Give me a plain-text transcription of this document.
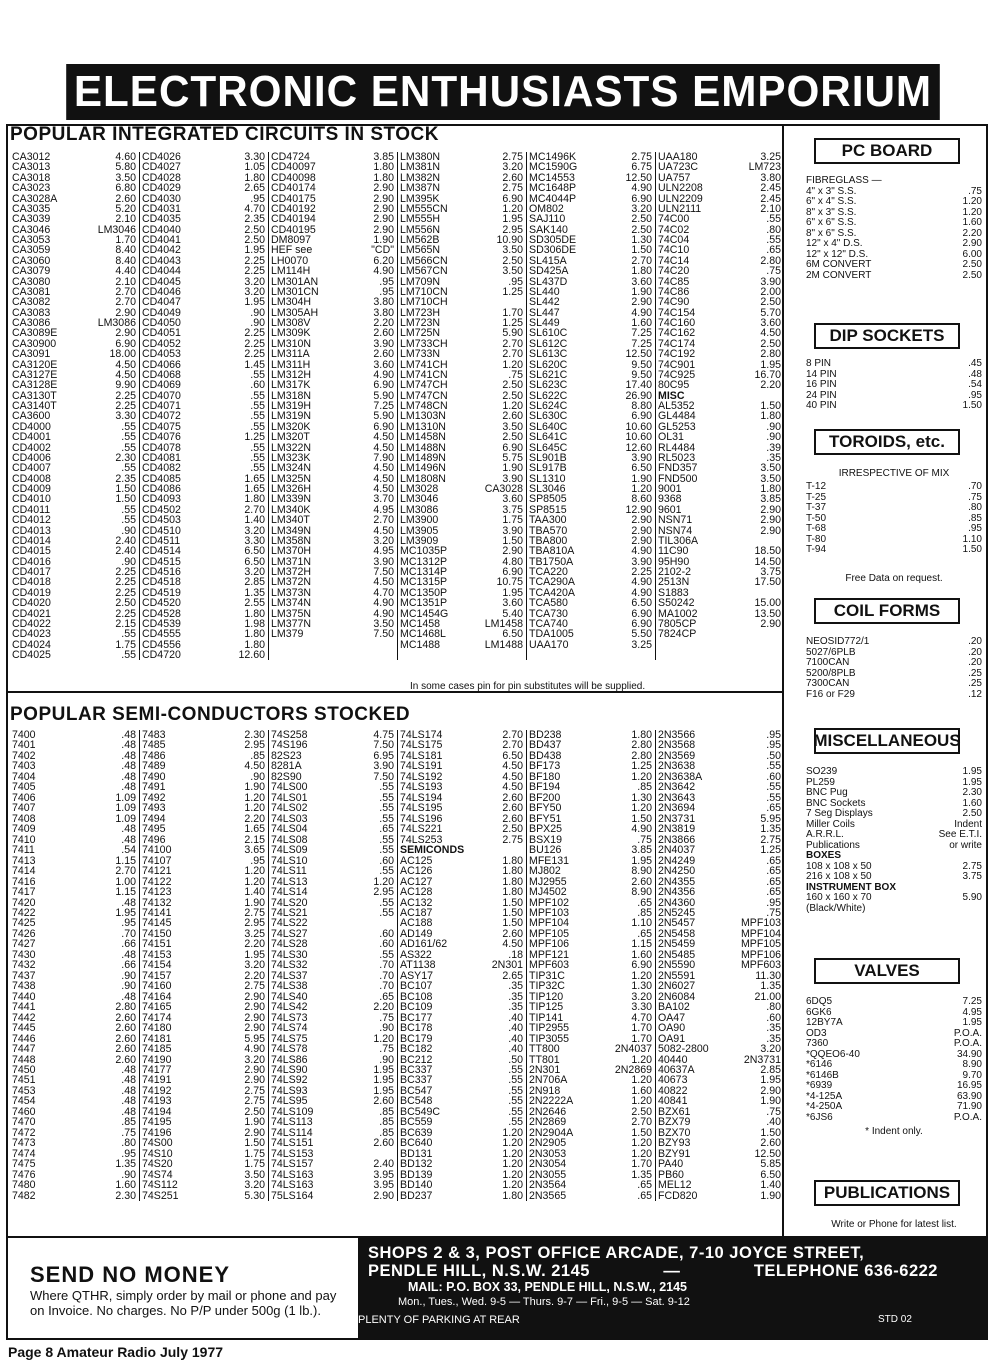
ELECTRONIC ENTHUSIASTS EMPORIUM
POPULAR INTEGRATED CIRCUITS IN STOCK
CA3012	4.60
CA3013	5.80
CA3018	3.50
CA3023	6.80
CA3028A	2.60
CA3035	5.20
CA3039	2.10
CA3046	LM3046
CA3053	1.70
CA3059	8.40
CA3060	8.40
CA3079	4.40
CA3080	2.10
CA3081	2.70
CA3082	2.70
CA3083	2.90
CA3086	LM3086
CA3089E	2.90
CA30900	6.90
CA3091	18.00
CA3120E	4.50
CA3127E	4.50
CA3128E	9.90
CA3130T	2.25
CA3140T	2.25
CA3600	3.30
CD4000	.55
CD4001	.55
CD4002	.55
CD4006	2.30
CD4007	.55
CD4008	2.35
CD4009	1.50
CD4010	1.50
CD4011	.55
CD4012	.55
CD4013	.90
CD4014	2.40
CD4015	2.40
CD4016	.90
CD4017	2.25
CD4018	2.25
CD4019	2.25
CD4020	2.50
CD4021	2.25
CD4022	2.15
CD4023	.55
CD4024	1.75
CD4025	.55
CD4026	3.30
CD4027	1.05
CD4028	1.80
CD4029	2.65
CD4030	.95
CD4031	4.70
CD4035	2.35
CD4040	2.50
CD4041	2.50
CD4042	1.95
CD4043	2.25
CD4044	2.25
CD4045	3.20
CD4046	3.20
CD4047	1.95
CD4049	.90
CD4050	.90
CD4051	2.25
CD4052	2.25
CD4053	2.25
CD4066	1.45
CD4068	.55
CD4069	.60
CD4070	.55
CD4071	.55
CD4072	.55
CD4075	.55
CD4076	1.25
CD4078	.55
CD4081	.55
CD4082	.55
CD4085	1.65
CD4086	1.65
CD4093	1.80
CD4502	2.70
CD4503	1.40
CD4510	3.20
CD4511	3.30
CD4514	6.50
CD4515	6.50
CD4516	3.20
CD4518	2.85
CD4519	1.35
CD4520	2.55
CD4528	1.80
CD4539	1.98
CD4555	1.80
CD4556	1.80
CD4720	12.60
CD4724	3.85
CD40097	1.80
CD40098	1.80
CD40174	2.90
CD40175	2.90
CD40192	2.90
CD40194	2.90
CD40195	2.90
DM8097	1.90
HEF see	"CD"
LH0070	6.20
LM114H	4.90
LM301AN	.95
LM301CN	.95
LM304H	3.80
LM305AH	3.80
LM308V	2.20
LM309K	2.60
LM310N	3.90
LM311A	2.60
LM311H	3.60
LM312H	4.90
LM317K	6.90
LM318N	5.90
LM319H	7.25
LM319N	5.90
LM320K	6.90
LM320T	4.50
LM322N	4.50
LM323K	7.90
LM324N	4.50
LM325N	4.50
LM326H	4.50
LM339N	3.70
LM340K	4.95
LM340T	2.70
LM349N	4.50
LM358N	3.20
LM370H	4.95
LM371N	3.90
LM372H	7.50
LM372N	4.50
LM373N	4.70
LM374N	4.90
LM375N	4.90
LM377N	3.50
LM379	7.50
LM380N	2.75
LM381N	3.20
LM382N	2.60
LM387N	2.75
LM395K	6.90
LM555CN	1.20
LM555H	1.95
LM556N	2.95
LM562B	10.90
LM565N	3.50
LM566CN	2.50
LM567CN	3.50
LM709N	.95
LM710CN	1.25
LM710CH
LM723H	1.70
LM723N	1.25
LM725N	5.90
LM733CH	2.70
LM733N	2.70
LM741CH	1.20
LM741CN	.75
LM747CH	2.50
LM747CN	2.50
LM748CN	1.20
LM1303N	2.60
LM1310N	3.50
LM1458N	2.50
LM1488N	6.90
LM1489N	5.75
LM1496N	1.90
LM1808N	3.90
LM3028	CA3028
LM3046	3.60
LM3086	3.75
LM3900	1.75
LM3905	3.90
LM3909	1.50
MC1035P	2.90
MC1312P	4.80
MC1314P	6.90
MC1315P	10.75
MC1350P	1.95
MC1351P	3.60
MC1454G	5.40
MC1458	LM1458
MC1468L	6.50
MC1488	LM1488
MC1496K	2.75
MC1590G	6.75
MC14553	12.50
MC1648P	4.90
MC4044P	6.90
OM802	3.20
SAJ110	2.50
SAK140	2.50
SD305DE	1.30
SD306DE	1.50
SL415A	2.70
SD425A	1.80
SL437D	3.60
SL440	1.90
SL442	2.90
SL447	4.90
SL449	1.60
SL610C	7.25
SL612C	7.25
SL613C	12.50
SL620C	9.50
SL621C	9.50
SL623C	17.40
SL622C	26.90
SL624C	8.80
SL630C	6.90
SL640C	10.60
SL641C	10.60
SL645C	12.60
SL901B	3.90
SL917B	6.50
SL1310	1.90
SL3046	1.20
SP8505	8.60
SP8515	12.90
TAA300	2.90
TBA570	2.90
TBA800	2.90
TBA810A	4.90
TB1750A	3.90
TCA220	2.25
TCA290A	4.90
TCA420A	4.90
TCA580	6.50
TCA730	6.90
TCA740	6.90
TDA1005	5.50
UAA170	3.25
UAA180	3.25
UA723C	LM723
UA757	3.80
ULN2208	2.45
ULN2209	2.45
ULN2111	2.10
74C00	.55
74C02	.80
74C04	.55
74C10	.65
74C14	2.80
74C20	.75
74C85	3.90
74C86	2.00
74C90	2.50
74C154	5.70
74C160	3.60
74C162	4.50
74C174	2.50
74C192	2.80
74C901	1.95
74C925	16.70
80C95	2.20
MISC
AL5352	1.50
GL4484	1.80
GL5253	.90
OL31	.90
RL4484	.39
RL5023	.35
FND357	3.50
FND500	3.50
9001	1.80
9368	3.85
9601	2.90
NSN71	2.90
NSN74	2.90
TIL306A
11C90	18.50
95H90	14.50
2102-2	3.75
2513N	17.50
S1883
S50242	15.00
MA1002	13.50
7805CP	2.90
7824CP
In some cases pin for pin substitutes will be supplied.
POPULAR SEMI-CONDUCTORS STOCKED
7400	.48
7401	.48
7402	.48
7403	.48
7404	.48
7405	.48
7406	1.09
7407	1.09
7408	1.09
7409	.48
7410	.48
7411	.54
7413	1.15
7414	2.70
7416	1.00
7417	1.15
7420	.48
7422	1.95
7425	.95
7426	.70
7427	.66
7430	.48
7432	.66
7437	.90
7438	.90
7440	.48
7441	2.80
7442	2.60
7445	2.60
7446	2.60
7447	2.60
7448	2.60
7450	.48
7451	.48
7453	.48
7454	.48
7460	.48
7470	.85
7472	.75
7473	.80
7474	.95
7475	1.35
7476	.90
7480	1.60
7482	2.30
7483	2.30
7485	2.95
7486	.85
7489	4.50
7490	.90
7491	1.90
7492	1.20
7493	1.20
7494	2.20
7495	1.65
7496	2.15
74100	3.65
74107	.95
74121	1.20
74122	1.20
74123	1.40
74132	1.90
74141	2.75
74145	2.95
74150	3.25
74151	2.20
74153	1.95
74154	3.20
74157	2.20
74160	2.75
74164	2.90
74165	2.90
74174	2.90
74180	2.90
74181	5.95
74185	4.90
74190	3.20
74177	2.90
74191	2.90
74192	2.75
74193	2.75
74194	2.50
74195	1.90
74196	2.90
74S00	1.50
74S10	1.75
74S20	1.75
74S74	3.50
74S112	3.20
74S251	5.30
74S258	4.75
74S196	7.50
82S23	6.95
8281A	3.90
82S90	7.50
74LS00	.55
74LS01	.55
74LS02	.55
74LS03	.55
74LS04	.65
74LS08	.55
74LS09	.55
74LS10	.60
74LS11	.55
74LS13	1.20
74LS14	2.95
74LS20	.55
74LS21	.55
74LS22
74LS27	.60
74LS28	.60
74LS30	.55
74LS32	.70
74LS37	.70
74LS38	.70
74LS40	.65
74LS42	2.20
74LS73	.75
74LS74	.90
74LS75	1.20
74LS78	.75
74LS86	.90
74LS90	1.95
74LS92	1.95
74LS93	1.95
74LS95	2.60
74LS109	.85
74LS113	.85
74LS114	.85
74LS151	2.60
74LS153
74LS157	2.40
74LS163	3.95
74LS163	3.95
75LS164	2.90
74LS174	2.70
74LS175	2.70
74LS181	6.50
74LS191	4.50
74LS192	4.50
74LS193	4.50
74LS194	2.60
74LS195	2.60
74LS196	2.60
74LS221	2.50
74LS253	2.75
SEMICONDS
AC125	1.80
AC126	1.80
AC127	1.80
AC128	1.80
AC132	1.50
AC187	1.50
AC188	1.50
AD149	2.60
AD161/62	4.50
AS322	.18
AT1138	2N301
ASY17	2.65
BC107	.35
BC108	.35
BC109	.35
BC177	.40
BC178	.40
BC179	.40
BC182	.40
BC212	.50
BC337	.55
BC337	.55
BC547	.55
BC548	.55
BC549C	.55
BC559	.55
BC639	1.20
BC640	1.20
BD131	1.20
BD132	1.20
BD139	1.20
BD140	1.20
BD237	1.80
BD238	1.80
BD437	2.80
BD438	2.80
BF173	1.25
BF180	1.20
BF194	.85
BF200	1.30
BFY50	1.20
BFY51	1.50
BPX25	4.90
BSX19	.75
BU126	3.85
MFE131	1.95
MJ802	8.90
MJ2955	2.60
MJ4502	8.90
MPF102	.65
MPF103	.85
MPF104	1.10
MPF105	.65
MPF106	1.15
MPF121	1.60
MPF603	6.90
TIP31C	1.20
TIP32C	1.30
TIP120	3.20
TIP125	3.30
TIP141	4.70
TIP2955	1.70
TIP3055	1.70
TT800	2N4037
TT801	1.20
2N301	2N2869
2N706A	1.20
2N918	1.60
2N2222A	1.20
2N2646	2.50
2N2869	2.70
2N2904A	1.50
2N2905	1.20
2N3053	1.20
2N3054	1.70
2N3055	1.35
2N3564	.65
2N3565	.65
2N3566	.95
2N3568	.95
2N3569	.50
2N3638	.55
2N3638A	.60
2N3642	.55
2N3643	.55
2N3694	.65
2N3731	5.95
2N3819	1.35
2N3866	2.75
2N4037	1.25
2N4249	.65
2N4250	.65
2N4355	.65
2N4356	.65
2N4360	.95
2N5245	.75
2N5457	MPF103
2N5458	MPF104
2N5459	MPF105
2N5485	MPF106
2N5590	MPF603
2N5591	11.30
2N6027	1.35
2N6084	21.00
BA102	.80
OA47	.60
OA90	.35
OA91	.35
5082-2800	3.20
40440	2N3731
40637A	2.85
40673	1.95
40822	2.90
40841	1.90
BZX61	.75
BZX79	.40
BZX70	1.50
BZY93	2.60
BZY91	12.50
PA40	5.85
PB60	6.50
MEL12	1.40
FCD820	1.90
PC BOARD
FIBREGLASS —
4" x 3" S.S.	.75
6" x 4" S.S.	1.20
8" x 3" S.S.	1.20
6" x 6" S.S.	1.60
8" x 6" S.S.	2.20
12" x 4" D.S.	2.90
12" x 12" D.S.	6.00
6M CONVERT	2.50
2M CONVERT	2.50
DIP SOCKETS
8 PIN	.45
14 PIN	.48
16 PIN	.54
24 PIN	.95
40 PIN	1.50
TOROIDS, etc.
IRRESPECTIVE OF MIX
T-12	.70
T-25	.75
T-37	.80
T-50	.85
T-68	.95
T-80	1.10
T-94	1.50
Free Data on request.
COIL FORMS
NEOSID772/1	.20
5027/6PLB	.20
7100CAN	.20
5200/8PLB	.25
7300CAN	.25
F16 or F29	.12
MISCELLANEOUS
SO239	1.95
PL259	1.95
BNC Pug	2.30
BNC Sockets	1.60
7 Seg Displays	2.50
Miller Coils	Indent
A.R.R.L.	See E.T.I.
Publications	or write
BOXES
108 x 108 x 50	2.75
216 x 108 x 50	3.75
INSTRUMENT BOX
160 x 160 x 70	5.90
(Black/White)
VALVES
6DQ5	7.25
6GK6	4.95
12BY7A	1.95
OD3	P.O.A.
7360	P.O.A.
*QQEO6-40	34.90
*6146	8.90
*6146B	9.70
*6939	16.95
*4-125A	63.90
*4-250A	71.90
*6JS6	P.O.A.
* Indent only.
PUBLICATIONS
Write or Phone for latest list.
SEND NO MONEY
Where QTHR, simply order by mail or phone and pay on Invoice. No charges. No P/P under 500g (1 lb.).
SHOPS 2 & 3, POST OFFICE ARCADE, 7-10 JOYCE STREET,
PENDLE HILL, N.S.W. 2145	—	TELEPHONE 636-6222
MAIL: P.O. BOX 33, PENDLE HILL, N.S.W., 2145
Mon., Tues., Wed. 9-5 — Thurs. 9-7 — Fri., 9-5 — Sat. 9-12
PLENTY OF PARKING AT REAR	STD 02
Page 8 Amateur Radio July 1977
